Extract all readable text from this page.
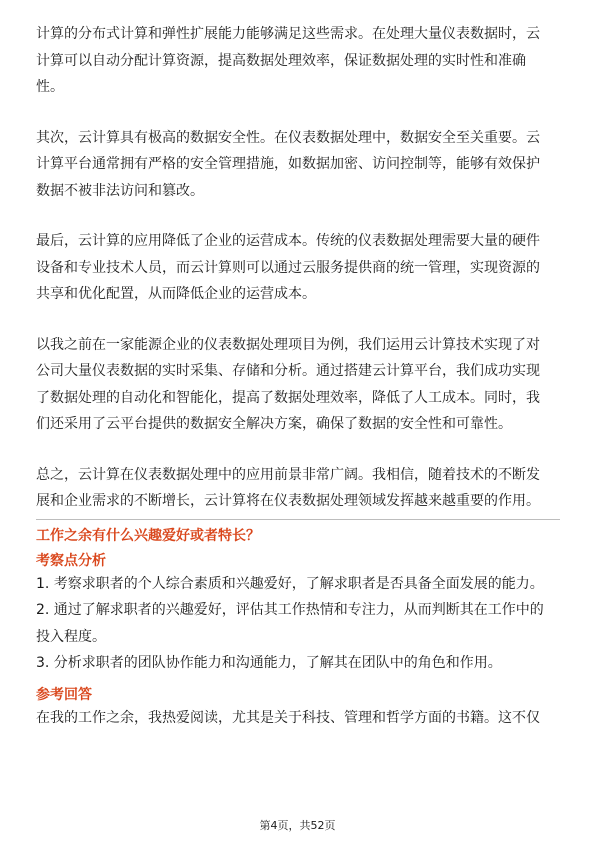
计算的分布式计算和弹性扩展能力能够满足这些需求。在处理大量仪表数据时，云

计算可以自动分配计算资源，提高数据处理效率，保证数据处理的实时性和准确

性。

其次，云计算具有极高的数据安全性。在仪表数据处理中，数据安全至关重要。云

计算平台通常拥有严格的安全管理措施，如数据加密、访问控制等，能够有效保护

数据不被非法访问和篡改。

最后，云计算的应用降低了企业的运营成本。传统的仪表数据处理需要大量的硬件

设备和专业技术人员，而云计算则可以通过云服务提供商的统一管理，实现资源的

共享和优化配置，从而降低企业的运营成本。

以我之前在一家能源企业的仪表数据处理项目为例，我们运用云计算技术实现了对

公司大量仪表数据的实时采集、存储和分析。通过搭建云计算平台，我们成功实现

了数据处理的自动化和智能化，提高了数据处理效率，降低了人工成本。同时，我

们还采用了云平台提供的数据安全解决方案，确保了数据的安全性和可靠性。

总之，云计算在仪表数据处理中的应用前景非常广阔。我相信，随着技术的不断发

展和企业需求的不断增长，云计算将在仪表数据处理领域发挥越来越重要的作用。

工作之余有什么兴趣爱好或者特长？

考察点分析

1. 考察求职者的个人综合素质和兴趣爱好，了解求职者是否具备全面发展的能力。

2. 通过了解求职者的兴趣爱好，评估其工作热情和专注力，从而判断其在工作中的

投入程度。

3. 分析求职者的团队协作能力和沟通能力，了解其在团队中的角色和作用。

参考回答

在我的工作之余，我热爱阅读，尤其是关于科技、管理和哲学方面的书籍。这不仅

第4页，共52页
